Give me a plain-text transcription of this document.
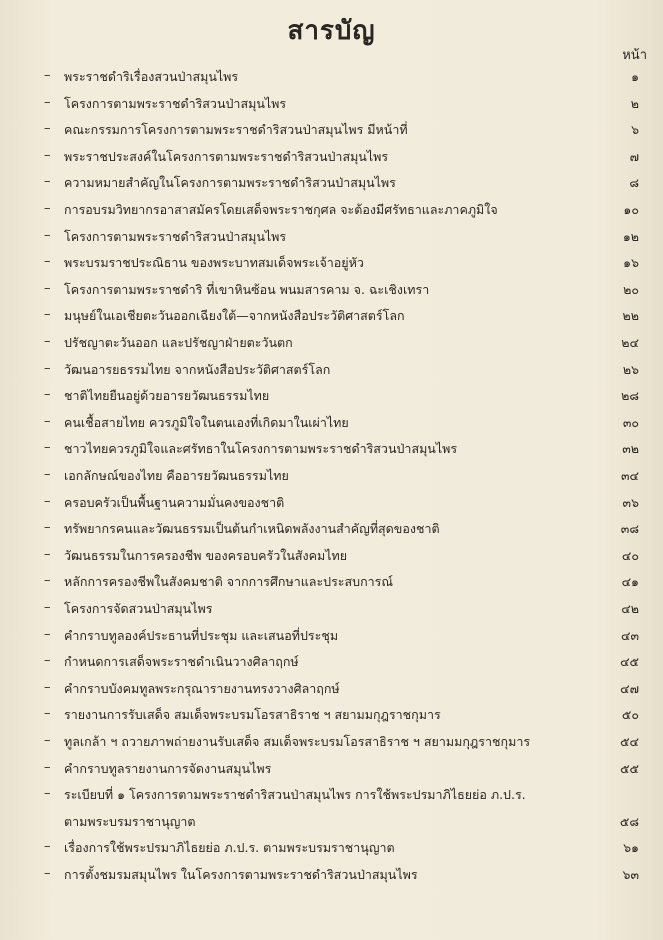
สารบัญ
หน้า
– พระราชดำริเรื่องสวนป่าสมุนไพร	๑
– โครงการตามพระราชดำริสวนป่าสมุนไพร	๒
– คณะกรรมการโครงการตามพระราชดำริสวนป่าสมุนไพร มีหน้าที่	๖
– พระราชประสงค์ในโครงการตามพระราชดำริสวนป่าสมุนไพร	๗
– ความหมายสำคัญในโครงการตามพระราชดำริสวนป่าสมุนไพร	๘
– การอบรมวิทยากรอาสาสมัครโดยเสด็จพระราชกุศล จะต้องมีศรัทธาและภาคภูมิใจ	๑๐
– โครงการตามพระราชดำริสวนป่าสมุนไพร	๑๒
– พระบรมราชประณิธาน ของพระบาทสมเด็จพระเจ้าอยู่หัว	๑๖
– โครงการตามพระราชดำริ ที่เขาหินซ้อน พนมสารคาม จ. ฉะเชิงเทรา	๒๐
– มนุษย์ในเอเชียตะวันออกเฉียงใต้—จากหนังสือประวัติศาสตร์โลก	๒๒
– ปรัชญาตะวันออก และปรัชญาฝ่ายตะวันตก	๒๔
– วัฒนอารยธรรมไทย จากหนังสือประวัติศาสตร์โลก	๒๖
– ชาติไทยยืนอยู่ด้วยอารยวัฒนธรรมไทย	๒๘
– คนเชื้อสายไทย ควรภูมิใจในตนเองที่เกิดมาในเผ่าไทย	๓๐
– ชาวไทยควรภูมิใจและศรัทธาในโครงการตามพระราชดำริสวนป่าสมุนไพร	๓๒
– เอกลักษณ์ของไทย คืออารยวัฒนธรรมไทย	๓๔
– ครอบครัวเป็นพื้นฐานความมั่นคงของชาติ	๓๖
– ทรัพยากรคนและวัฒนธรรมเป็นต้นกำเหนิดพลังงานสำคัญที่สุดของชาติ	๓๘
– วัฒนธรรมในการครองชีพ ของครอบครัวในสังคมไทย	๔๐
– หลักการครองชีพในสังคมชาติ จากการศึกษาและประสบการณ์	๔๑
– โครงการจัดสวนป่าสมุนไพร	๔๒
– คำกราบทูลองค์ประธานที่ประชุม และเสนอที่ประชุม	๔๓
– กำหนดการเสด็จพระราชดำเนินวางศิลาฤกษ์	๔๕
– คำกราบบังคมทูลพระกรุณารายงานทรงวางศิลาฤกษ์	๔๗
– รายงานการรับเสด็จ สมเด็จพระบรมโอรสาธิราช ฯ สยามมกุฎราชกุมาร	๕๐
– ทูลเกล้า ฯ ถวายภาพถ่ายงานรับเสด็จ สมเด็จพระบรมโอรสาธิราช ฯ สยามมกุฎราชกุมาร	๕๔
– คำกราบทูลรายงานการจัดงานสมุนไพร	๕๕
– ระเบียบที่ ๑ โครงการตามพระราชดำริสวนป่าสมุนไพร การใช้พระปรมาภิไธยย่อ ภ.ป.ร.
ตามพระบรมราชานุญาต	๕๘
– เรื่องการใช้พระปรมาภิไธยย่อ ภ.ป.ร. ตามพระบรมราชานุญาต	๖๑
– การตั้งชมรมสมุนไพร ในโครงการตามพระราชดำริสวนป่าสมุนไพร	๖๓
